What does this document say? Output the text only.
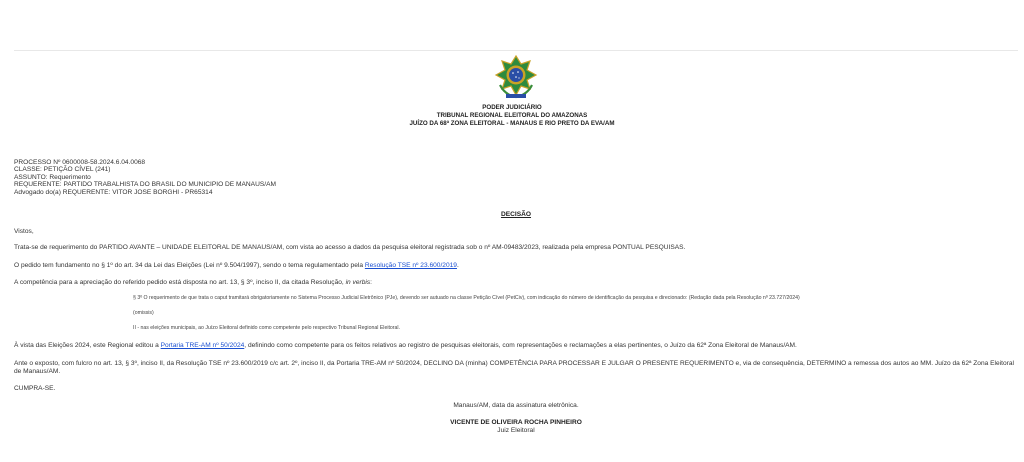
PODER JUDICIÁRIO
TRIBUNAL REGIONAL ELEITORAL DO AMAZONAS
JUÍZO DA 68ª ZONA ELEITORAL - MANAUS E RIO PRETO DA EVA/AM
PROCESSO Nº 0600008-58.2024.6.04.0068
CLASSE: PETIÇÃO CÍVEL (241)
ASSUNTO: Requerimento
REQUERENTE: PARTIDO TRABALHISTA DO BRASIL DO MUNICIPIO DE MANAUS/AM
Advogado do(a) REQUERENTE: VITOR JOSE BORGHI - PR65314
DECISÃO
Vistos,
Trata-se de requerimento do PARTIDO AVANTE – UNIDADE ELEITORAL DE MANAUS/AM, com vista ao acesso a dados da pesquisa eleitoral registrada sob o nº AM-09483/2023, realizada pela empresa PONTUAL PESQUISAS.
O pedido tem fundamento no § 1º do art. 34 da Lei das Eleições (Lei nº 9.504/1997), sendo o tema regulamentado pela Resolução TSE nº 23.600/2019.
A competência para a apreciação do referido pedido está disposta no art. 13, § 3º, inciso II, da citada Resolução, in verbis:
§ 3º O requerimento de que trata o caput tramitará obrigatoriamente no Sistema Processo Judicial Eletrônico (PJe), devendo ser autuado na classe Petição Cível (PetCiv), com indicação do número de identificação da pesquisa e direcionado: (Redação dada pela Resolução nº 23.727/2024)
(omissis)
II - nas eleições municipais, ao Juízo Eleitoral definido como competente pelo respectivo Tribunal Regional Eleitoral.
À vista das Eleições 2024, este Regional editou a Portaria TRE-AM nº 50/2024, definindo como competente para os feitos relativos ao registro de pesquisas eleitorais, com representações e reclamações a elas pertinentes, o Juízo da 62ª Zona Eleitoral de Manaus/AM.
Ante o exposto, com fulcro no art. 13, § 3º, inciso II, da Resolução TSE nº 23.600/2019 c/c art. 2º, inciso II, da Portaria TRE-AM nº 50/2024, DECLINO DA (minha) COMPETÊNCIA PARA PROCESSAR E JULGAR O PRESENTE REQUERIMENTO e, via de consequência, DETERMINO a remessa dos autos ao MM. Juízo da 62ª Zona Eleitoral de Manaus/AM.
CUMPRA-SE.
Manaus/AM, data da assinatura eletrônica.
VICENTE DE OLIVEIRA ROCHA PINHEIRO
Juiz Eleitoral
